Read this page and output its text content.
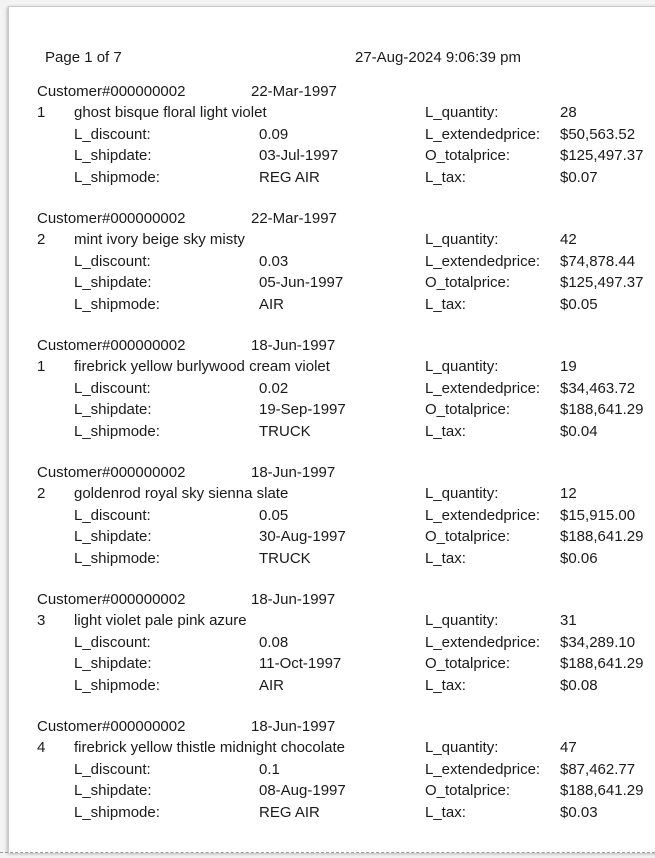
Page 1 of 7	27-Aug-2024 9:06:39 pm
Customer#000000002	22-Mar-1997
1 ghost bisque floral light violet	L_quantity:	28
L_discount:	0.09	L_extendedprice: $50,563.52
L_shipdate:	03-Jul-1997	O_totalprice:	$125,497.37
L_shipmode:	REG AIR	L_tax:	$0.07
Customer#000000002	22-Mar-1997
2 mint ivory beige sky misty	L_quantity:	42
L_discount:	0.03	L_extendedprice: $74,878.44
L_shipdate:	05-Jun-1997	O_totalprice:	$125,497.37
L_shipmode:	AIR	L_tax:	$0.05
Customer#000000002	18-Jun-1997
1 firebrick yellow burlywood cream violet	L_quantity:	19
L_discount:	0.02	L_extendedprice: $34,463.72
L_shipdate:	19-Sep-1997	O_totalprice:	$188,641.29
L_shipmode:	TRUCK	L_tax:	$0.04
Customer#000000002	18-Jun-1997
2 goldenrod royal sky sienna slate	L_quantity:	12
L_discount:	0.05	L_extendedprice: $15,915.00
L_shipdate:	30-Aug-1997	O_totalprice:	$188,641.29
L_shipmode:	TRUCK	L_tax:	$0.06
Customer#000000002	18-Jun-1997
3 light violet pale pink azure	L_quantity:	31
L_discount:	0.08	L_extendedprice: $34,289.10
L_shipdate:	11-Oct-1997	O_totalprice:	$188,641.29
L_shipmode:	AIR	L_tax:	$0.08
Customer#000000002	18-Jun-1997
4 firebrick yellow thistle midnight chocolate	L_quantity:	47
L_discount:	0.1	L_extendedprice: $87,462.77
L_shipdate:	08-Aug-1997	O_totalprice:	$188,641.29
L_shipmode:	REG AIR	L_tax:	$0.03
